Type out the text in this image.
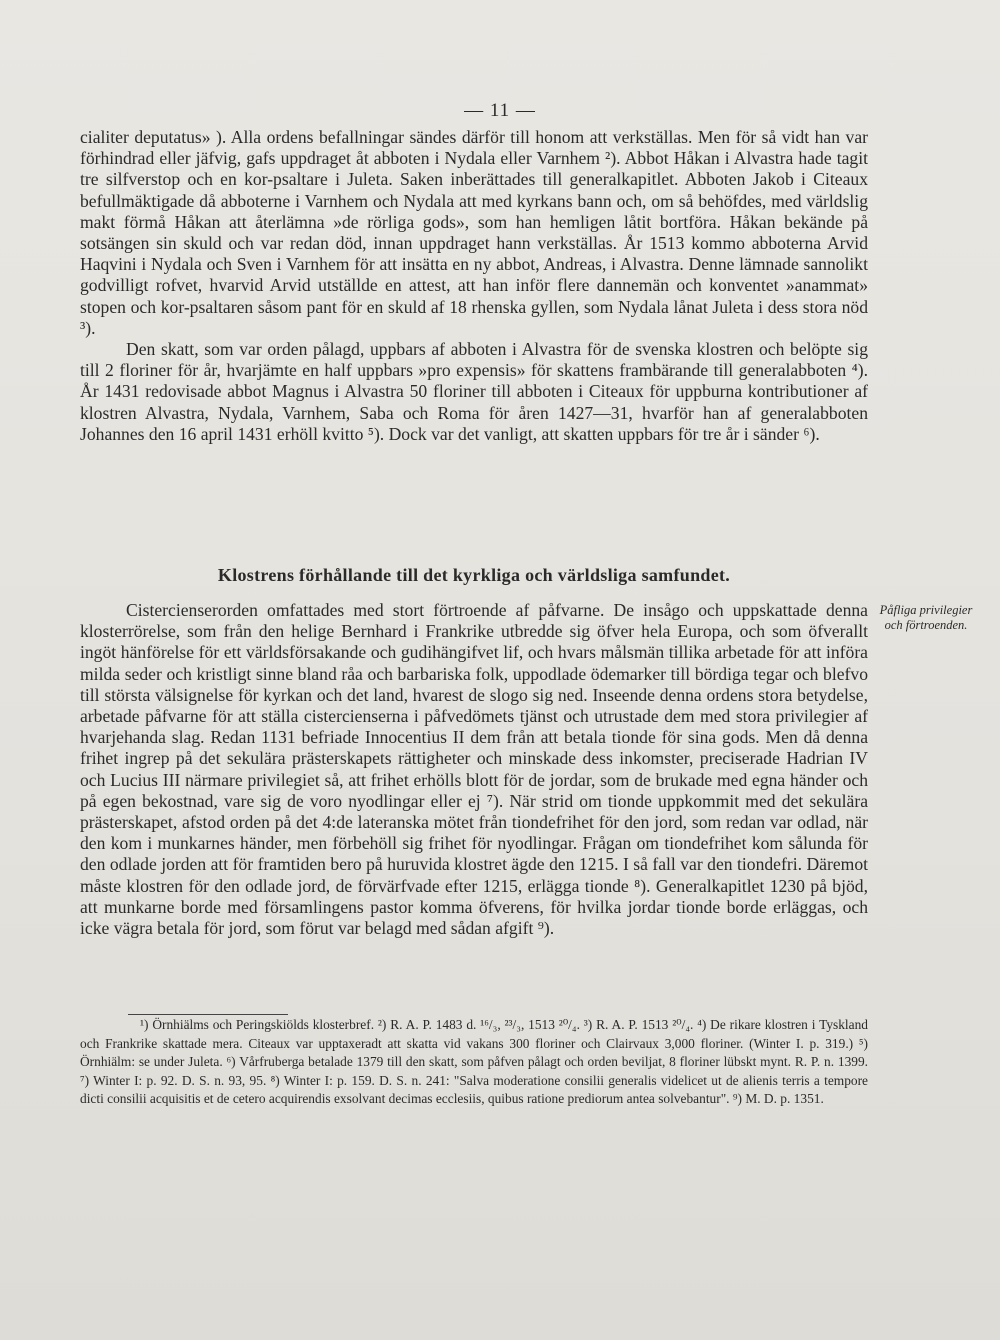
— 11 —

cialiter deputatus» ). Alla ordens befallningar sändes därför till honom att verkställas. Men för så vidt han var förhindrad eller jäfvig, gafs uppdraget åt abboten i Nydala eller Varnhem ²). Abbot Håkan i Alvastra hade tagit tre silfverstop och en kor-psaltare i Juleta. Saken inberättades till generalkapitlet. Abboten Jakob i Citeaux befullmäktigade då abboterne i Varnhem och Nydala att med kyrkans bann och, om så behöfdes, med världslig makt förmå Håkan att återlämna »de rörliga gods», som han hemligen låtit bortföra. Håkan bekände på sotsängen sin skuld och var redan död, innan uppdraget hann verkställas. År 1513 kommo abboterna Arvid Haqvini i Nydala och Sven i Varnhem för att insätta en ny abbot, Andreas, i Alvastra. Denne lämnade sannolikt godvilligt rofvet, hvarvid Arvid utställde en attest, att han inför flere dannemän och konventet »anammat» stopen och kor-psaltaren såsom pant för en skuld af 18 rhenska gyllen, som Nydala lånat Juleta i dess stora nöd ³).

Den skatt, som var orden pålagd, uppbars af abboten i Alvastra för de svenska klostren och belöpte sig till 2 floriner för år, hvarjämte en half uppbars »pro expensis» för skattens frambärande till generalabboten ⁴). År 1431 redovisade abbot Magnus i Alvastra 50 floriner till abboten i Citeaux för uppburna kontributioner af klostren Alvastra, Nydala, Varnhem, Saba och Roma för åren 1427—31, hvarför han af generalabboten Johannes den 16 april 1431 erhöll kvitto ⁵). Dock var det vanligt, att skatten uppbars för tre år i sänder ⁶).

Klostrens förhållande till det kyrkliga och världsliga samfundet.
Påfliga privilegier och förtroenden.

Cistercienserorden omfattades med stort förtroende af påfvarne. De insågo och uppskattade denna klosterrörelse, som från den helige Bernhard i Frankrike utbredde sig öfver hela Europa, och som öfverallt ingöt hänförelse för ett världsförsakande och gudihängifvet lif, och hvars målsmän tillika arbetade för att införa milda seder och kristligt sinne bland råa och barbariska folk, uppodlade ödemarker till bördiga tegar och blefvo till största välsignelse för kyrkan och det land, hvarest de slogo sig ned. Inseende denna ordens stora betydelse, arbetade påfvarne för att ställa cistercienserna i påfvedömets tjänst och utrustade dem med stora privilegier af hvarjehanda slag. Redan 1131 befriade Innocentius II dem från att betala tionde för sina gods. Men då denna frihet ingrep på det sekulära prästerskapets rättigheter och minskade dess inkomster, preciserade Hadrian IV och Lucius III närmare privilegiet så, att frihet erhölls blott för de jordar, som de brukade med egna händer och på egen bekostnad, vare sig de voro nyodlingar eller ej ⁷). När strid om tionde uppkommit med det sekulära prästerskapet, afstod orden på det 4:de lateranska mötet från tiondefrihet för den jord, som redan var odlad, när den kom i munkarnes händer, men förbehöll sig frihet för nyodlingar. Frågan om tiondefrihet kom sålunda för den odlade jorden att för framtiden bero på huruvida klostret ägde den 1215. I så fall var den tiondefri. Däremot måste klostren för den odlade jord, de förvärfvade efter 1215, erlägga tionde ⁸). Generalkapitlet 1230 på bjöd, att munkarne borde med församlingens pastor komma öfverens, för hvilka jordar tionde borde erläggas, och icke vägra betala för jord, som förut var belagd med sådan afgift ⁹).

¹) Örnhiälms och Peringskiölds klosterbref. ²) R. A. P. 1483 d. ¹⁶/₃, ²³/₃, 1513 ²⁰/₄. ³) R. A. P. 1513 ²⁰/₄. ⁴) De rikare klostren i Tyskland och Frankrike skattade mera. Citeaux var upptaxeradt att skatta vid vakans 300 floriner och Clairvaux 3,000 floriner. (Winter I. p. 319.) ⁵) Örnhiälm: se under Juleta. ⁶) Vårfruberga betalade 1379 till den skatt, som påfven pålagt och orden beviljat, 8 floriner lübskt mynt. R. P. n. 1399. ⁷) Winter I: p. 92. D. S. n. 93, 95. ⁸) Winter I: p. 159. D. S. n. 241: "Salva moderatione consilii generalis videlicet ut de alienis terris a tempore dicti consilii acquisitis et de cetero acquirendis exsolvant decimas ecclesiis, quibus ratione prediorum antea solvebantur". ⁹) M. D. p. 1351.
